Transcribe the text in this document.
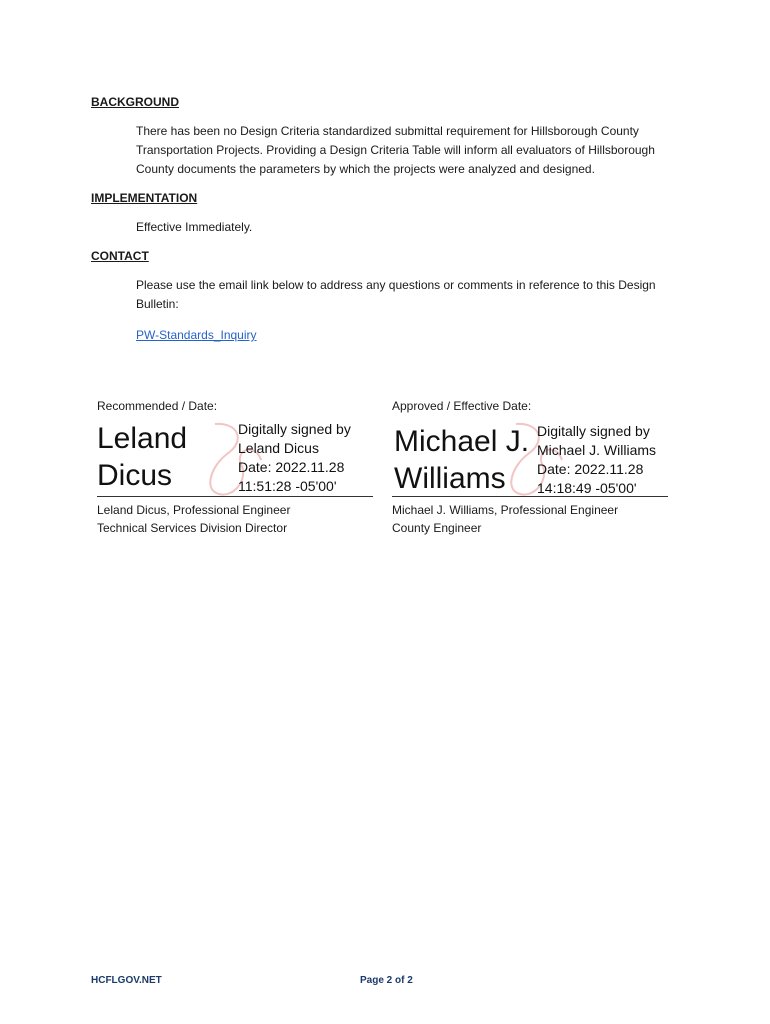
BACKGROUND
There has been no Design Criteria standardized submittal requirement for Hillsborough County
Transportation Projects. Providing a Design Criteria Table will inform all evaluators of Hillsborough
County documents the parameters by which the projects were analyzed and designed.
IMPLEMENTATION
Effective Immediately.
CONTACT
Please use the email link below to address any questions or comments in reference to this Design
Bulletin:
PW-Standards_Inquiry
Recommended / Date:
Leland
Dicus
Digitally signed by
Leland Dicus
Date: 2022.11.28
11:51:28 -05'00'
Leland Dicus, Professional Engineer
Technical Services Division Director
Approved / Effective Date:
Michael J.
Williams
Digitally signed by
Michael J. Williams
Date: 2022.11.28
14:18:49 -05'00'
Michael J. Williams, Professional Engineer
County Engineer
HCFLGOV.NET	Page 2 of 2
